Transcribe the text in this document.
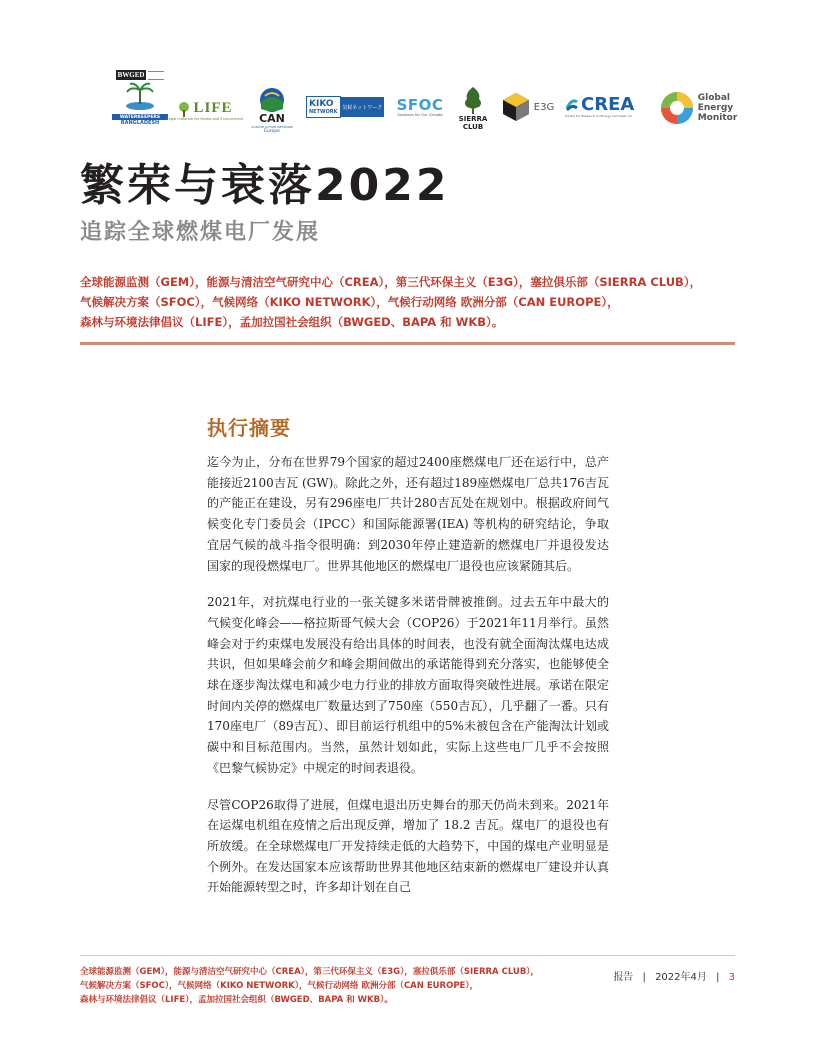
BWGED
WATERKEEPERS
BANGLADESH
LIFE
Legal Initiative for Forest and Environment CAN
CLIMATE ACTION NETWORK
Europe
KIKO
NETWORK
気候ネットワーク SFOC
Solutions for Our Climate SIERRA
CLUB
E3G CREA
Centre for Research on Energy and Clean Air
Global
Energy
Monitor
繁荣与衰落2022
追踪全球燃煤电厂发展
全球能源监测（GEM），能源与清洁空气研究中心（CREA），第三代环保主义（E3G），塞拉俱乐部（SIERRA CLUB），
气候解决方案（SFOC），气候网络（KIKO NETWORK），气候行动网络 欧洲分部（CAN EUROPE），
森林与环境法律倡议（LIFE），孟加拉国社会组织（BWGED、BAPA 和 WKB）。
执行摘要

迄今为止，分布在世界79个国家的超过2400座燃煤电厂还在运行中，总产能接近2100吉瓦 (GW)。除此之外，还有超过189座燃煤电厂总共176吉瓦的产能正在建设，另有296座电厂共计280吉瓦处在规划中。根据政府间气候变化专门委员会（IPCC）和国际能源署(IEA) 等机构的研究结论，争取宜居气候的战斗指令很明确：到2030年停止建造新的燃煤电厂并退役发达国家的现役燃煤电厂。世界其他地区的燃煤电厂退役也应该紧随其后。

2021年，对抗煤电行业的一张关键多米诺骨牌被推倒。过去五年中最大的气候变化峰会——格拉斯哥气候大会（COP26）于2021年11月举行。虽然峰会对于约束煤电发展没有给出具体的时间表，也没有就全面淘汰煤电达成共识，但如果峰会前夕和峰会期间做出的承诺能得到充分落实，也能够使全球在逐步淘汰煤电和减少电力行业的排放方面取得突破性进展。承诺在限定时间内关停的燃煤电厂数量达到了750座（550吉瓦），几乎翻了一番。只有170座电厂（89吉瓦）、即目前运行机组中的5%未被包含在产能淘汰计划或碳中和目标范围内。当然，虽然计划如此，实际上这些电厂几乎不会按照《巴黎气候协定》中规定的时间表退役。

尽管COP26取得了进展，但煤电退出历史舞台的那天仍尚未到来。2021年在运煤电机组在疫情之后出现反弹，增加了 18.2 吉瓦。煤电厂的退役也有所放缓。在全球燃煤电厂开发持续走低的大趋势下，中国的煤电产业明显是个例外。在发达国家本应该帮助世界其他地区结束新的燃煤电厂建设并认真开始能源转型之时，许多却计划在自己

全球能源监测（GEM），能源与清洁空气研究中心（CREA），第三代环保主义（E3G），塞拉俱乐部（SIERRA CLUB），
气候解决方案（SFOC），气候网络（KIKO NETWORK），气候行动网络 欧洲分部（CAN EUROPE），
森林与环境法律倡议（LIFE），孟加拉国社会组织（BWGED、BAPA 和 WKB）。
报告 | 2022年4月 | 3
